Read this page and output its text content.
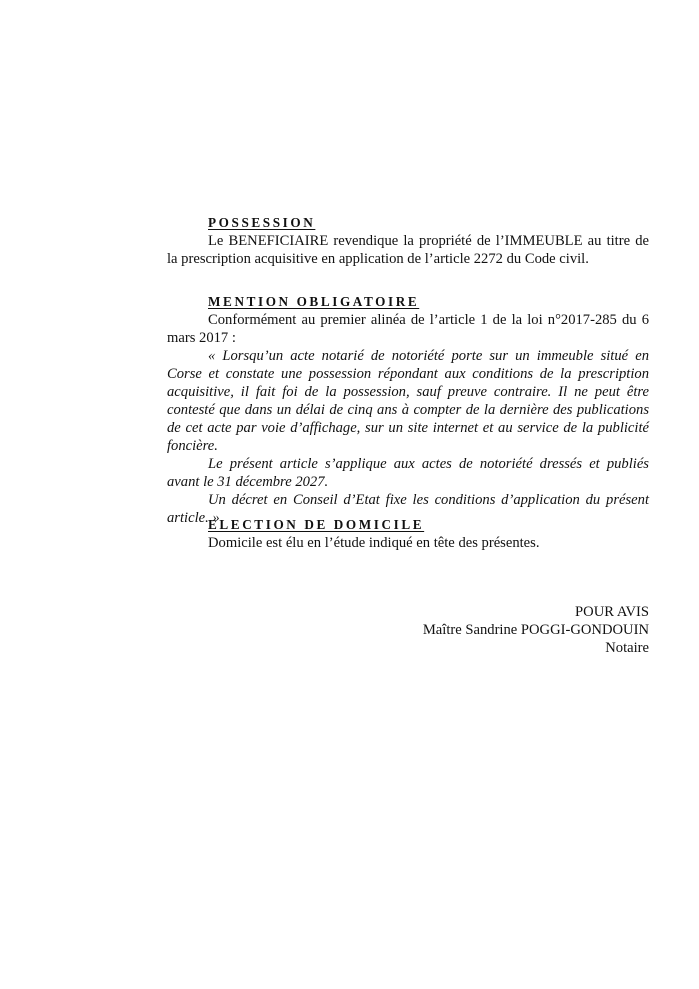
POSSESSION

Le BENEFICIAIRE revendique la propriété de l’IMMEUBLE au titre de la prescription acquisitive en application de l’article 2272 du Code civil.

MENTION OBLIGATOIRE

Conformément au premier alinéa de l’article 1 de la loi n°2017-285 du 6 mars 2017 :

« Lorsqu’un acte notarié de notoriété porte sur un immeuble situé en Corse et constate une possession répondant aux conditions de la prescription acquisitive, il fait foi de la possession, sauf preuve contraire. Il ne peut être contesté que dans un délai de cinq ans à compter de la dernière des publications de cet acte par voie d’affichage, sur un site internet et au service de la publicité foncière.

Le présent article s’applique aux actes de notoriété dressés et publiés avant le 31 décembre 2027.

Un décret en Conseil d’Etat fixe les conditions d’application du présent article. »

ELECTION DE DOMICILE

Domicile est élu en l’étude indiqué en tête des présentes.

POUR AVIS
Maître Sandrine POGGI-GONDOUIN
Notaire
